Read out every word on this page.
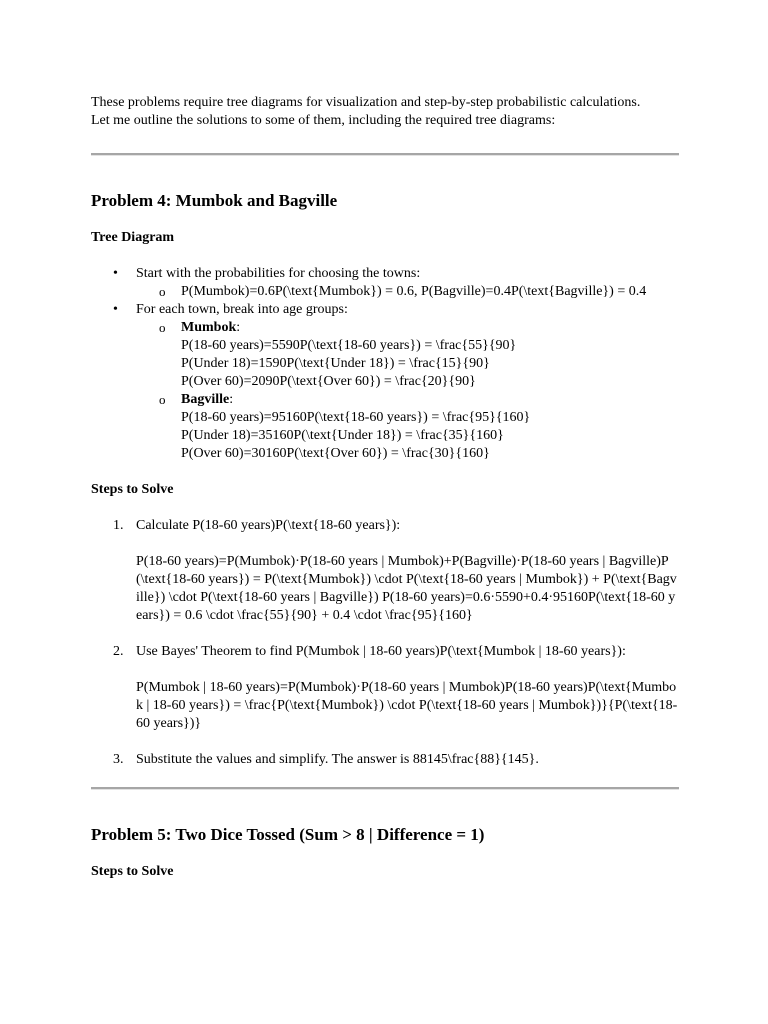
These problems require tree diagrams for visualization and step-by-step probabilistic calculations. Let me outline the solutions to some of them, including the required tree diagrams:

Problem 4: Mumbok and Bagville
Tree Diagram
• Start with the probabilities for choosing the towns:
o P(Mumbok)=0.6P(\text{Mumbok}) = 0.6, P(Bagville)=0.4P(\text{Bagville}) = 0.4
• For each town, break into age groups:
o Mumbok:
P(18-60 years)=5590P(\text{18-60 years}) = \frac{55}{90}
P(Under 18)=1590P(\text{Under 18}) = \frac{15}{90}
P(Over 60)=2090P(\text{Over 60}) = \frac{20}{90}
o Bagville:
P(18-60 years)=95160P(\text{18-60 years}) = \frac{95}{160}
P(Under 18)=35160P(\text{Under 18}) = \frac{35}{160}
P(Over 60)=30160P(\text{Over 60}) = \frac{30}{160}
Steps to Solve
1. Calculate P(18-60 years)P(\text{18-60 years}):

P(18-60 years)=P(Mumbok)·P(18-60 years | Mumbok)+P(Bagville)·P(18-60 years | Bagville)P(\text{18-60 years}) = P(\text{Mumbok}) \cdot P(\text{18-60 years | Mumbok}) + P(\text{Bagville}) \cdot P(\text{18-60 years | Bagville}) P(18-60 years)=0.6·5590+0.4·95160P(\text{18-60 years}) = 0.6 \cdot \frac{55}{90} + 0.4 \cdot \frac{95}{160}

2. Use Bayes' Theorem to find P(Mumbok | 18-60 years)P(\text{Mumbok | 18-60 years}):

P(Mumbok | 18-60 years)=P(Mumbok)·P(18-60 years | Mumbok)P(18-60 years)P(\text{Mumbok | 18-60 years}) = \frac{P(\text{Mumbok}) \cdot P(\text{18-60 years | Mumbok})}{P(\text{18-60 years})}

3. Substitute the values and simplify. The answer is 88145\frac{88}{145}.

Problem 5: Two Dice Tossed (Sum > 8 | Difference = 1)
Steps to Solve
